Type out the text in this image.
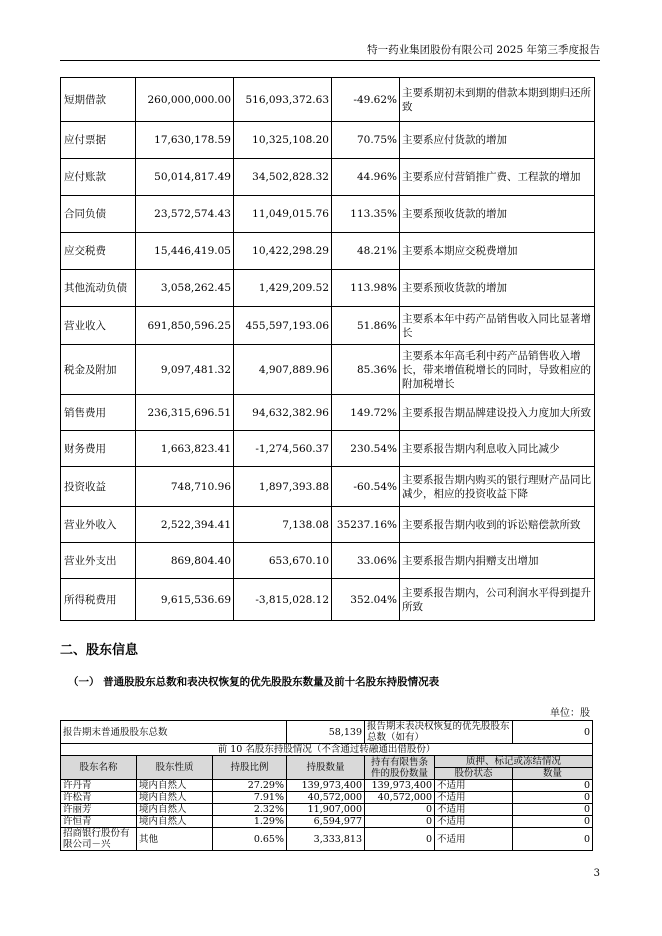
特一药业集团股份有限公司 2025 年第三季度报告
短期借款	260,000,000.00	516,093,372.63	-49.62%	主要系期初未到期的借款本期到期归还所致
应付票据	17,630,178.59	10,325,108.20	70.75%	主要系应付货款的增加
应付账款	50,014,817.49	34,502,828.32	44.96%	主要系应付营销推广费、工程款的增加
合同负债	23,572,574.43	11,049,015.76	113.35%	主要系预收货款的增加
应交税费	15,446,419.05	10,422,298.29	48.21%	主要系本期应交税费增加
其他流动负债	3,058,262.45	1,429,209.52	113.98%	主要系预收货款的增加
营业收入	691,850,596.25	455,597,193.06	51.86%	主要系本年中药产品销售收入同比显著增长
税金及附加	9,097,481.32	4,907,889.96	85.36%	主要系本年高毛利中药产品销售收入增长，带来增值税增长的同时，导致相应的附加税增长
销售费用	236,315,696.51	94,632,382.96	149.72%	主要系报告期品牌建设投入力度加大所致
财务费用	1,663,823.41	-1,274,560.37	230.54%	主要系报告期内利息收入同比减少
投资收益	748,710.96	1,897,393.88	-60.54%	主要系报告期内购买的银行理财产品同比减少，相应的投资收益下降
营业外收入	2,522,394.41	7,138.08	35237.16%	主要系报告期内收到的诉讼赔偿款所致
营业外支出	869,804.40	653,670.10	33.06%	主要系报告期内捐赠支出增加
所得税费用	9,615,536.69	-3,815,028.12	352.04%	主要系报告期内，公司利润水平得到提升所致
二、股东信息
（一） 普通股股东总数和表决权恢复的优先股股东数量及前十名股东持股情况表
单位：股
报告期末普通股股东总数			58,139	报告期末表决权恢复的优先股股东总数（如有）		0
前 10 名股东持股情况（不含通过转融通出借股份）						
股东名称	股东性质	持股比例	持股数量	持有有限售条件的股份数量	质押、标记或冻结情况	
					股份状态	数量
许丹青	境内自然人	27.29%	139,973,400	139,973,400	不适用	0
许松青	境内自然人	7.91%	40,572,000	40,572,000	不适用	0
许丽芳	境内自然人	2.32%	11,907,000	0	不适用	0
许恒青	境内自然人	1.29%	6,594,977	0	不适用	0
招商银行股份有限公司－兴	其他	0.65%	3,333,813	0	不适用	0
3
